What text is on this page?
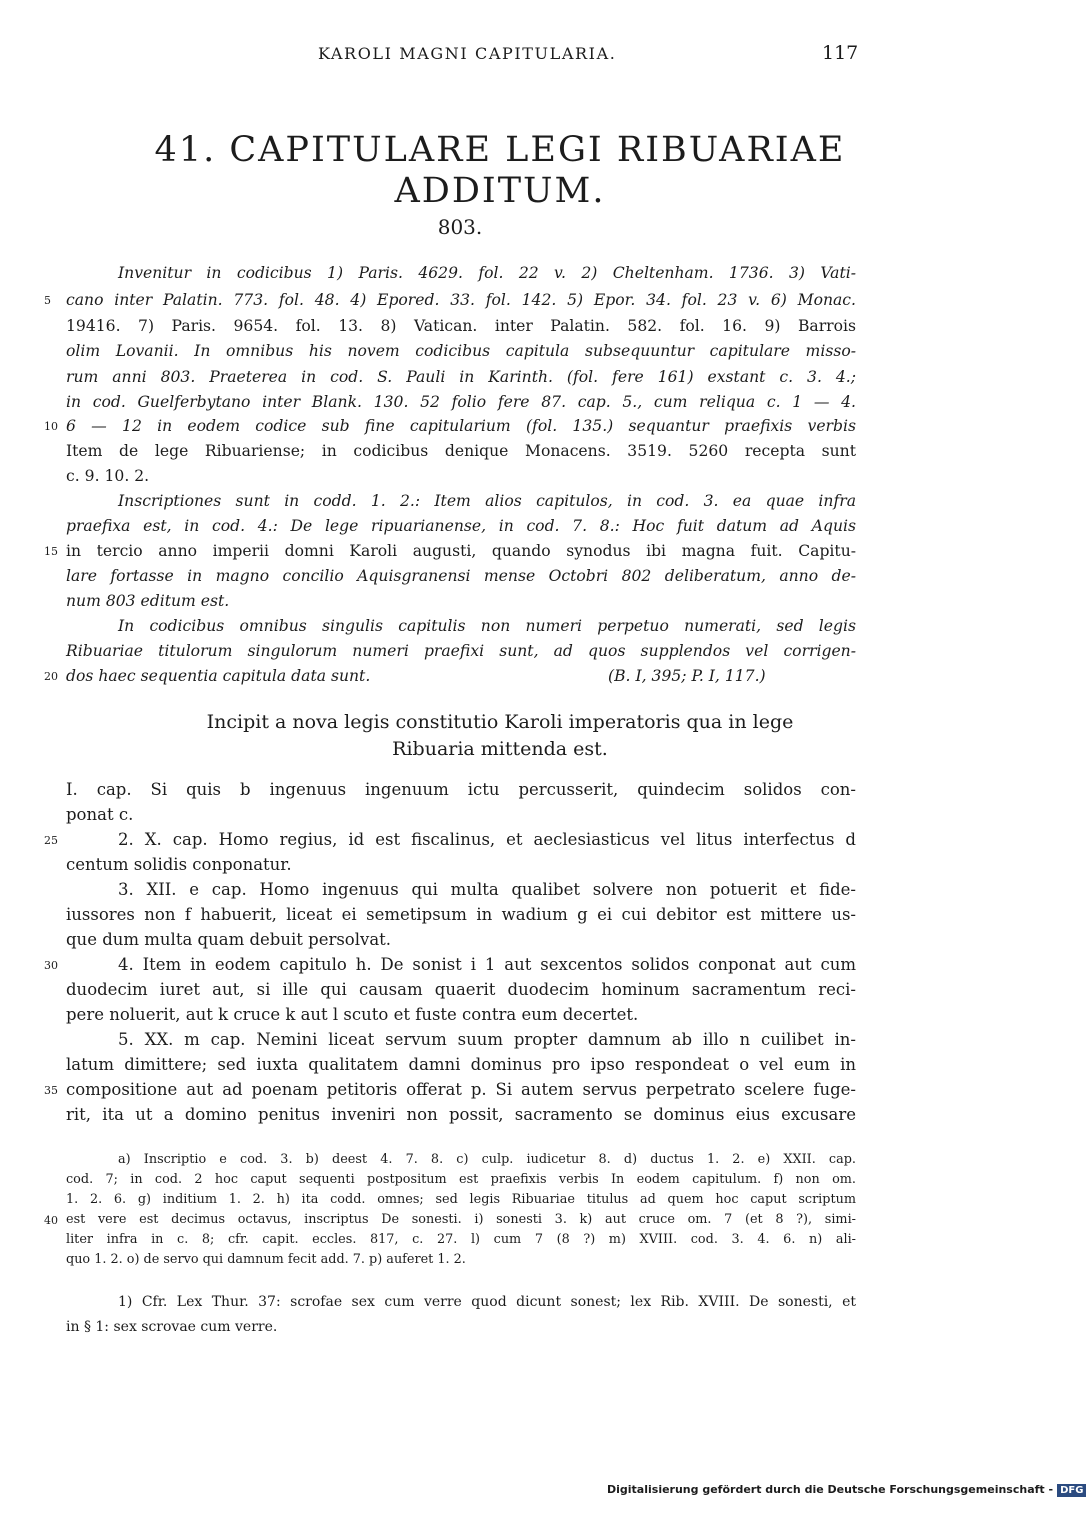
KAROLI MAGNI CAPITULARIA.	117
41. CAPITULARE LEGI RIBUARIAE
ADDITUM.
803.
Invenitur in codicibus 1) Paris. 4629. fol. 22 v. 2) Cheltenham. 1736. 3) Vati-
cano inter Palatin. 773. fol. 48. 4) Epored. 33. fol. 142. 5) Epor. 34. fol. 23 v. 6) Monac.
19416. 7) Paris. 9654. fol. 13. 8) Vatican. inter Palatin. 582. fol. 16. 9) Barrois
olim Lovanii. In omnibus his novem codicibus capitula subsequuntur capitulare misso-
rum anni 803. Praeterea in cod. S. Pauli in Karinth. (fol. fere 161) exstant c. 3. 4.;
in cod. Guelferbytano inter Blank. 130. 52 folio fere 87. cap. 5., cum reliqua c. 1 — 4.
6 — 12 in eodem codice sub fine capitularium (fol. 135.) sequantur praefixis verbis
Item de lege Ribuariense; in codicibus denique Monacens. 3519. 5260 recepta sunt
c. 9. 10. 2.
Inscriptiones sunt in codd. 1. 2.: Item alios capitulos, in cod. 3. ea quae infra
praefixa est, in cod. 4.: De lege ripuarianense, in cod. 7. 8.: Hoc fuit datum ad Aquis
in tercio anno imperii domni Karoli augusti, quando synodus ibi magna fuit. Capitu-
lare fortasse in magno concilio Aquisgranensi mense Octobri 802 deliberatum, anno de-
num 803 editum est.
In codicibus omnibus singulis capitulis non numeri perpetuo numerati, sed legis
Ribuariae titulorum singulorum numeri praefixi sunt, ad quos supplendos vel corrigen-
dos haec sequentia capitula data sunt.	(B. I, 395; P. I, 117.)
Incipit a nova legis constitutio Karoli imperatoris qua in lege
Ribuaria mittenda est.
I. cap. Si quis b ingenuus ingenuum ictu percusserit, quindecim solidos con-
ponat c.
2. X. cap. Homo regius, id est fiscalinus, et aeclesiasticus vel litus interfectus d
centum solidis conponatur.
3. XII. e cap. Homo ingenuus qui multa qualibet solvere non potuerit et fide-
iussores non f habuerit, liceat ei semetipsum in wadium g ei cui debitor est mittere us-
que dum multa quam debuit persolvat.
4. Item in eodem capitulo h. De sonist i 1 aut sexcentos solidos conponat aut cum
duodecim iuret aut, si ille qui causam quaerit duodecim hominum sacramentum reci-
pere noluerit, aut k cruce k aut l scuto et fuste contra eum decertet.
5. XX. m cap. Nemini liceat servum suum propter damnum ab illo n cuilibet in-
latum dimittere; sed iuxta qualitatem damni dominus pro ipso respondeat o vel eum in
compositione aut ad poenam petitoris offerat p. Si autem servus perpetrato scelere fuge-
rit, ita ut a domino penitus inveniri non possit, sacramento se dominus eius excusare
5
10
15
20
25
30
35
40
a) Inscriptio e cod. 3. b) deest 4. 7. 8. c) culp. iudicetur 8. d) ductus 1. 2. e) XXII. cap.
cod. 7; in cod. 2 hoc caput sequenti postpositum est praefixis verbis In eodem capitulum. f) non om.
1. 2. 6. g) inditium 1. 2. h) ita codd. omnes; sed legis Ribuariae titulus ad quem hoc caput scriptum
est vere est decimus octavus, inscriptus De sonesti. i) sonesti 3. k) aut cruce om. 7 (et 8 ?), simi-
liter infra in c. 8; cfr. capit. eccles. 817, c. 27. l) cum 7 (8 ?) m) XVIII. cod. 3. 4. 6. n) ali-
quo 1. 2. o) de servo qui damnum fecit add. 7. p) auferet 1. 2.
1) Cfr. Lex Thur. 37: scrofae sex cum verre quod dicunt sonest; lex Rib. XVIII. De sonesti, et
in § 1: sex scrovae cum verre.
Digitalisierung gefördert durch die Deutsche Forschungsgemeinschaft - DFG
